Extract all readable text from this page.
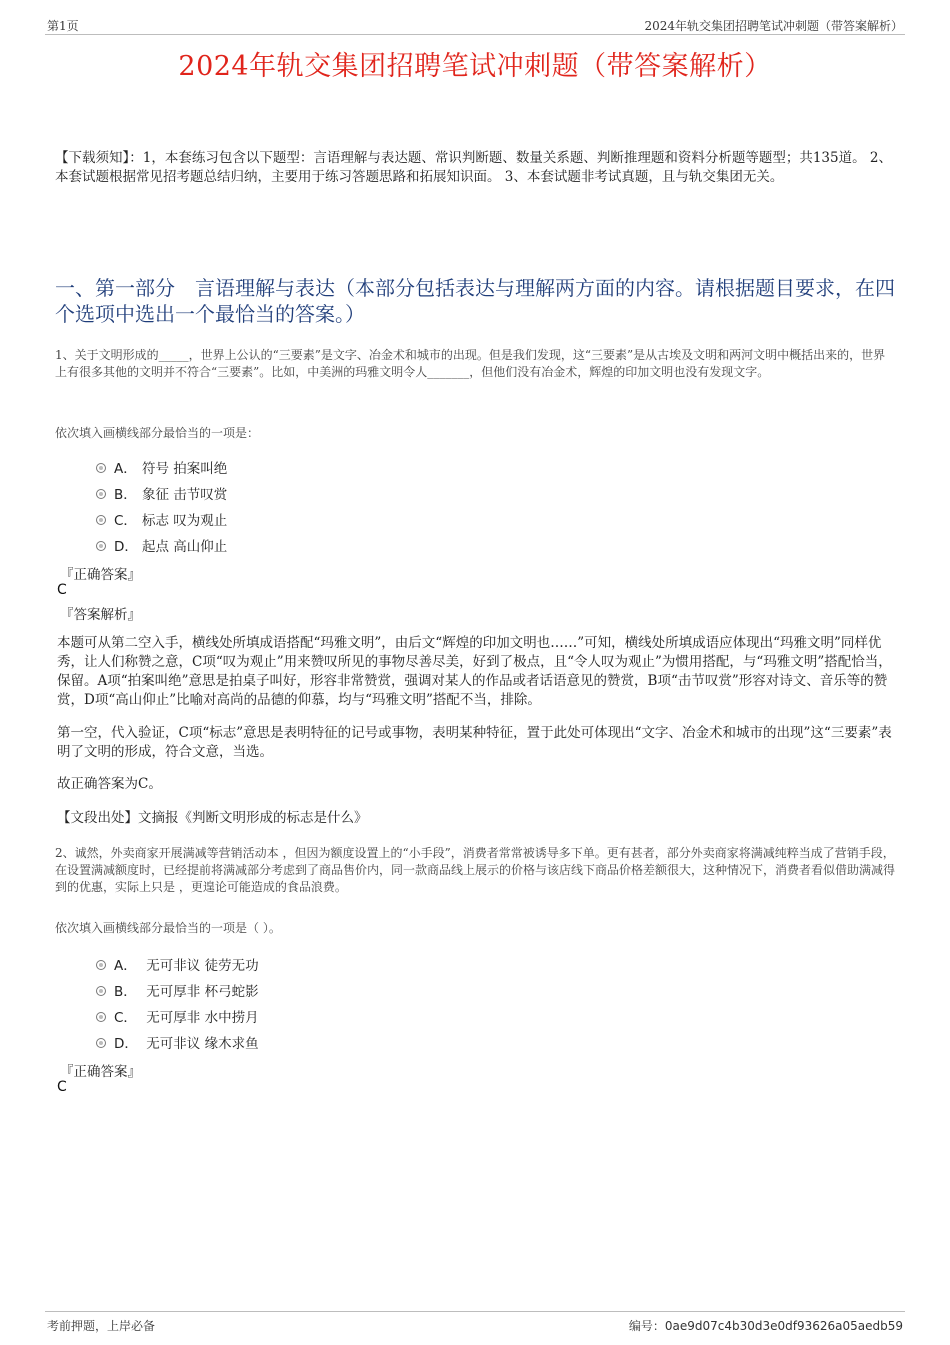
第1页	2024年轨交集团招聘笔试冲刺题（带答案解析）
2024年轨交集团招聘笔试冲刺题（带答案解析）
【下载须知】：1，本套练习包含以下题型：言语理解与表达题、常识判断题、数量关系题、判断推理题和资料分析题等题型；共135道。 2、本套试题根据常见招考题总结归纳，主要用于练习答题思路和拓展知识面。 3、本套试题非考试真题，且与轨交集团无关。
一、第一部分　言语理解与表达（本部分包括表达与理解两方面的内容。请根据题目要求，在四个选项中选出一个最恰当的答案。）
1、关于文明形成的_____，世界上公认的“三要素”是文字、冶金术和城市的出现。但是我们发现，这“三要素”是从古埃及文明和两河文明中概括出来的，世界上有很多其他的文明并不符合“三要素”。比如，中美洲的玛雅文明令人_______，但他们没有冶金术，辉煌的印加文明也没有发现文字。
依次填入画横线部分最恰当的一项是：
A． 符号 拍案叫绝
B． 象征 击节叹赏
C． 标志 叹为观止
D． 起点 高山仰止
『正确答案』
C
『答案解析』
本题可从第二空入手，横线处所填成语搭配“玛雅文明”，由后文“辉煌的印加文明也……”可知，横线处所填成语应体现出“玛雅文明”同样优秀，让人们称赞之意，C项“叹为观止”用来赞叹所见的事物尽善尽美，好到了极点，且“令人叹为观止”为惯用搭配，与“玛雅文明”搭配恰当，保留。A项“拍案叫绝”意思是拍桌子叫好，形容非常赞赏，强调对某人的作品或者话语意见的赞赏，B项“击节叹赏”形容对诗文、音乐等的赞赏，D项“高山仰止”比喻对高尚的品德的仰慕，均与“玛雅文明”搭配不当，排除。
第一空，代入验证，C项“标志”意思是表明特征的记号或事物，表明某种特征，置于此处可体现出“文字、冶金术和城市的出现”这“三要素”表明了文明的形成，符合文意，当选。
故正确答案为C。
【文段出处】文摘报《判断文明形成的标志是什么》
2、诚然，外卖商家开展满减等营销活动本 ，但因为额度设置上的“小手段”，消费者常常被诱导多下单。更有甚者，部分外卖商家将满减纯粹当成了营销手段，在设置满减额度时，已经提前将满减部分考虑到了商品售价内，同一款商品线上展示的价格与该店线下商品价格差额很大，这种情况下，消费者看似借助满减得到的优惠，实际上只是 ，更遑论可能造成的食品浪费。
依次填入画横线部分最恰当的一项是（ ）。
A． 无可非议 徒劳无功
B． 无可厚非 杯弓蛇影
C． 无可厚非 水中捞月
D． 无可非议 缘木求鱼
『正确答案』
C
考前押题，上岸必备	编号：0ae9d07c4b30d3e0df93626a05aedb59
